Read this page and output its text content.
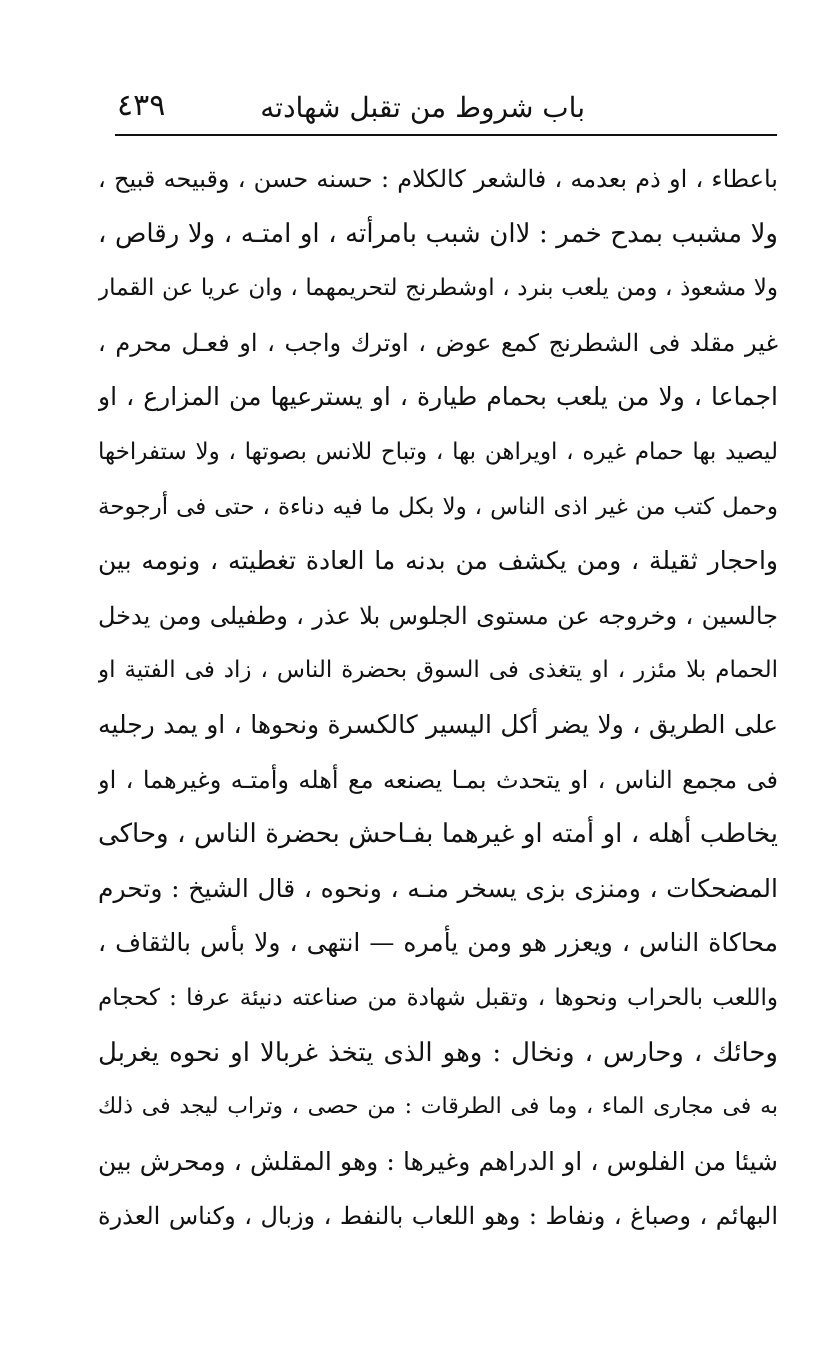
باب شروط من تقبل شهادته
٤٣٩
باعطاء ، او ذم بعدمه ، فالشعر كالكلام : حسنه حسن ، وقبيحه قبيح ،
ولا مشبب بمدح خمر : لاان شبب بامرأته ، او امتـه ، ولا رقاص ،
ولا مشعوذ ، ومن يلعب بنرد ، اوشطرنج لتحريمهما ، وان عريا عن القمار
غير مقلد فى الشطرنج كمع عوض ، اوترك واجب ، او فعـل محرم ،
اجماعا ، ولا من يلعب بحمام طيارة ، او يسترعيها من المزارع ، او
ليصيد بها حمام غيره ، اويراهن بها ، وتباح للانس بصوتها ، ولا ستفراخها
وحمل كتب من غير اذى الناس ، ولا بكل ما فيه دناءة ، حتى فى أرجوحة
واحجار ثقيلة ، ومن يكشف من بدنه ما العادة تغطيته ، ونومه بين
جالسين ، وخروجه عن مستوى الجلوس بلا عذر ، وطفيلى ومن يدخل
الحمام بلا مئزر ، او يتغذى فى السوق بحضرة الناس ، زاد فى الفتية او
على الطريق ، ولا يضر أكل اليسير كالكسرة ونحوها ، او يمد رجليه
فى مجمع الناس ، او يتحدث بمـا يصنعه مع أهله وأمتـه وغيرهما ، او
يخاطب أهله ، او أمته او غيرهما بفـاحش بحضرة الناس ، وحاكى
المضحكات ، ومنزى بزى يسخر منـه ، ونحوه ، قال الشيخ : وتحرم
محاكاة الناس ، ويعزر هو ومن يأمره — انتهى ، ولا بأس بالثقاف ،
واللعب بالحراب ونحوها ، وتقبل شهادة من صناعته دنيئة عرفا : كحجام
وحائك ، وحارس ، ونخال : وهو الذى يتخذ غربالا او نحوه يغربل
به فى مجارى الماء ، وما فى الطرقات : من حصى ، وتراب ليجد فى ذلك
شيئا من الفلوس ، او الدراهم وغيرها : وهو المقلش ، ومحرش بين
البهائم ، وصباغ ، ونفاط : وهو اللعاب بالنفط ، وزبال ، وكناس العذرة
